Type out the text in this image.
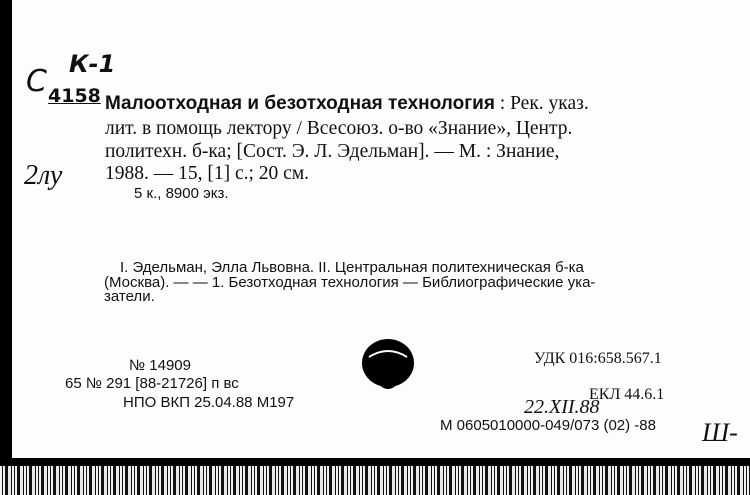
К-1
С 4158
2лу
Малоотходная и безотходная технология : Рек. указ.
лит. в помощь лектору / Всесоюз. о-во «Знание», Центр.
политехн. б-ка; [Сост. Э. Л. Эдельман]. — М. : Знание,
1988. — 15, [1] с.; 20 см.
5 к., 8900 экз.
I. Эдельман, Элла Львовна. II. Центральная политехническая б-ка
(Москва). — — 1. Безотходная технология — Библиографические ука-
затели.
№ 14909
65 № 291 [88-21726] п вс
НПО ВКП 25.04.88 М197
УДК 016:658.567.1
22.XII.88
ЕКЛ 44.6.1
М 0605010000-049/073 (02) -88 Ш-
